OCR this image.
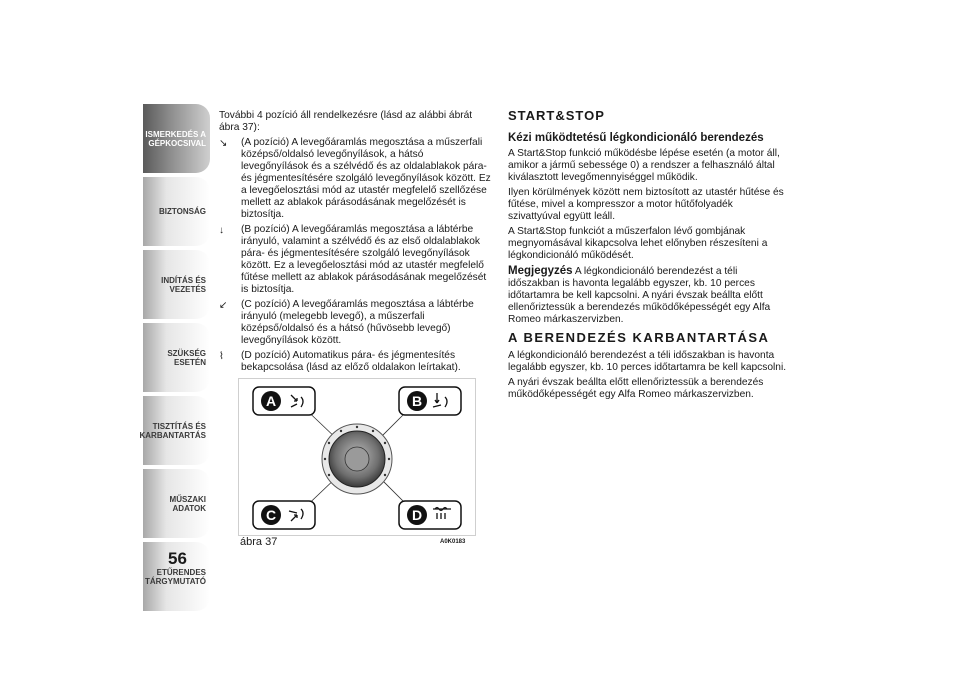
ISMERKEDÉS A
GÉPKOCSIVAL
BIZTONSÁG
INDÍTÁS ÉS VEZETÉS
SZÜKSÉG ESETÉN
TISZTÍTÁS ÉS
KARBANTARTÁS
MŰSZAKI ADATOK
ETŰRENDES
TÁRGYMUTATÓ
56

További 4 pozíció áll rendelkezésre (lásd az alábbi ábrát ábra 37):

↘	(A pozíció) A levegőáramlás megosztása a műszerfali középső/oldalsó levegőnyílások, a hátsó levegőnyílások és a szélvédő és az oldalablakok pára- és jégmentesítésére szolgáló levegőnyílások között. Ez a levegőelosztási mód az utastér megfelelő szellőzése mellett az ablakok párásodásának megelőzését is biztosítja.
↓	(B pozíció) A levegőáramlás megosztása a lábtérbe irányuló, valamint a szélvédő és az első oldalablakok pára- és jégmentesítésére szolgáló levegőnyílások között. Ez a levegőelosztási mód az utastér megfelelő fűtése mellett az ablakok párásodásának megelőzését is biztosítja.
↙	(C pozíció) A levegőáramlás megosztása a lábtérbe irányuló (melegebb levegő), a műszerfali középső/oldalsó és a hátsó (hűvösebb levegő) levegőnyílások között.
⌇	(D pozíció) Automatikus pára- és jégmentesítés bekapcsolása (lásd az előző oldalakon leírtakat).
A	B
C	D
ábra 37	A0K0183
START&STOP
Kézi működtetésű légkondicionáló berendezés

A Start&Stop funkció működésbe lépése esetén (a motor áll, amikor a jármű sebessége 0) a rendszer a felhasználó által kiválasztott levegőmennyiséggel működik.

Ilyen körülmények között nem biztosított az utastér hűtése és fűtése, mivel a kompresszor a motor hűtőfolyadék szivattyúval együtt leáll.

A Start&Stop funkciót a műszerfalon lévő gombjának megnyomásával kikapcsolva lehet előnyben részesíteni a légkondicionáló működését.

Megjegyzés A légkondicionáló berendezést a téli időszakban is havonta legalább egyszer, kb. 10 perces időtartamra be kell kapcsolni. A nyári évszak beállta előtt ellenőriztessük a berendezés működőképességét egy Alfa Romeo márkaszervizben.

A BERENDEZÉS KARBANTARTÁSA

A légkondicionáló berendezést a téli időszakban is havonta legalább egyszer, kb. 10 perces időtartamra be kell kapcsolni.

A nyári évszak beállta előtt ellenőriztessük a berendezés működőképességét egy Alfa Romeo márkaszervizben.
